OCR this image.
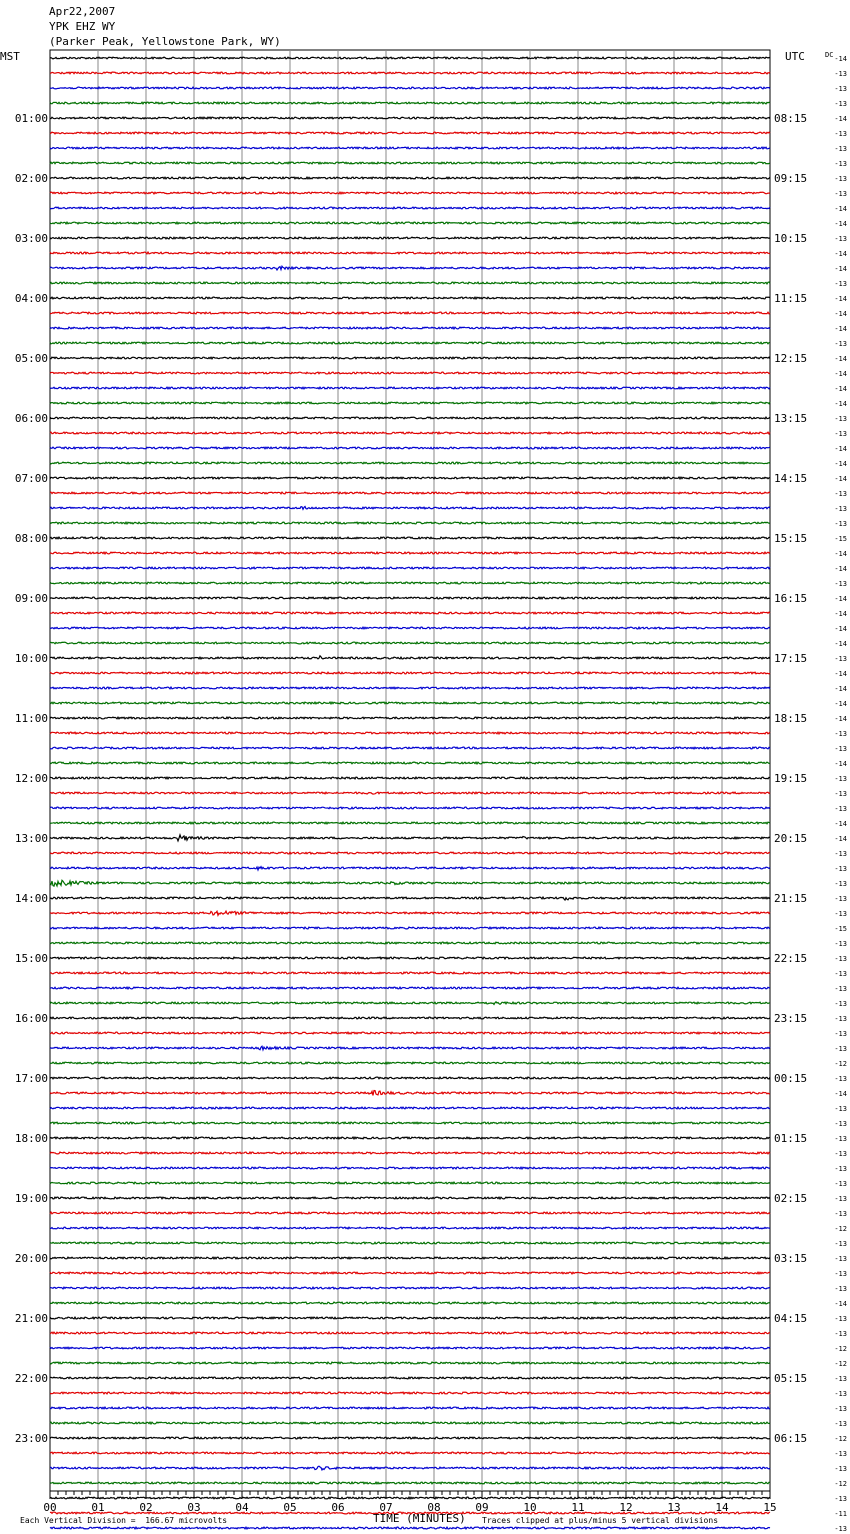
Apr22,2007
YPK EHZ WY
(Parker Peak, Yellowstone Park, WY)
MST	UTC	-14
-13
-13
-13
-14
-13
-13
-13
-13
-13
-14
-14
-13
-14
-14
-13
-14
-14
-14
-13
-14
-14
-14
-14
-13
-13
-14
-14
-14
-13
-13
-13
-15
-14
-14
-13
-14
-14
-14
-14
-13
-14
-14
-14
-14
-13
-13
-14
-13
-13
-13
-14
-14
-13
-13
-13
-13
-13
-15
-13
-13
-13
-13
-13
-13
-13
-13
-12
-13
-14
-13
-13
-13
-13
-13
-13
-13
-13
-12
-13
-13
-13
-13
-14
-13
-13
-12
-12
-13
-13
-13
-13
-12
-13
-13
-12
-13
-11
-13
DC
01:00
02:00
03:00
04:00
05:00
06:00
07:00
08:00
09:00
10:00
11:00
12:00
13:00
14:00
15:00
16:00
17:00
18:00
19:00
20:00
21:00
22:00
23:00
08:15
09:15
10:15
11:15
12:15
13:15
14:15
15:15
16:15
17:15
18:15
19:15
20:15
21:15
22:15
23:15
00:15
01:15
02:15
03:15
04:15
05:15
06:15
00	01	02	03	04	05	06	07	08	09	10	11	12	13	14	15
Each Vertical Division =  166.67 microvolts	TIME (MINUTES) Traces clipped at plus/minus 5 vertical divisions
